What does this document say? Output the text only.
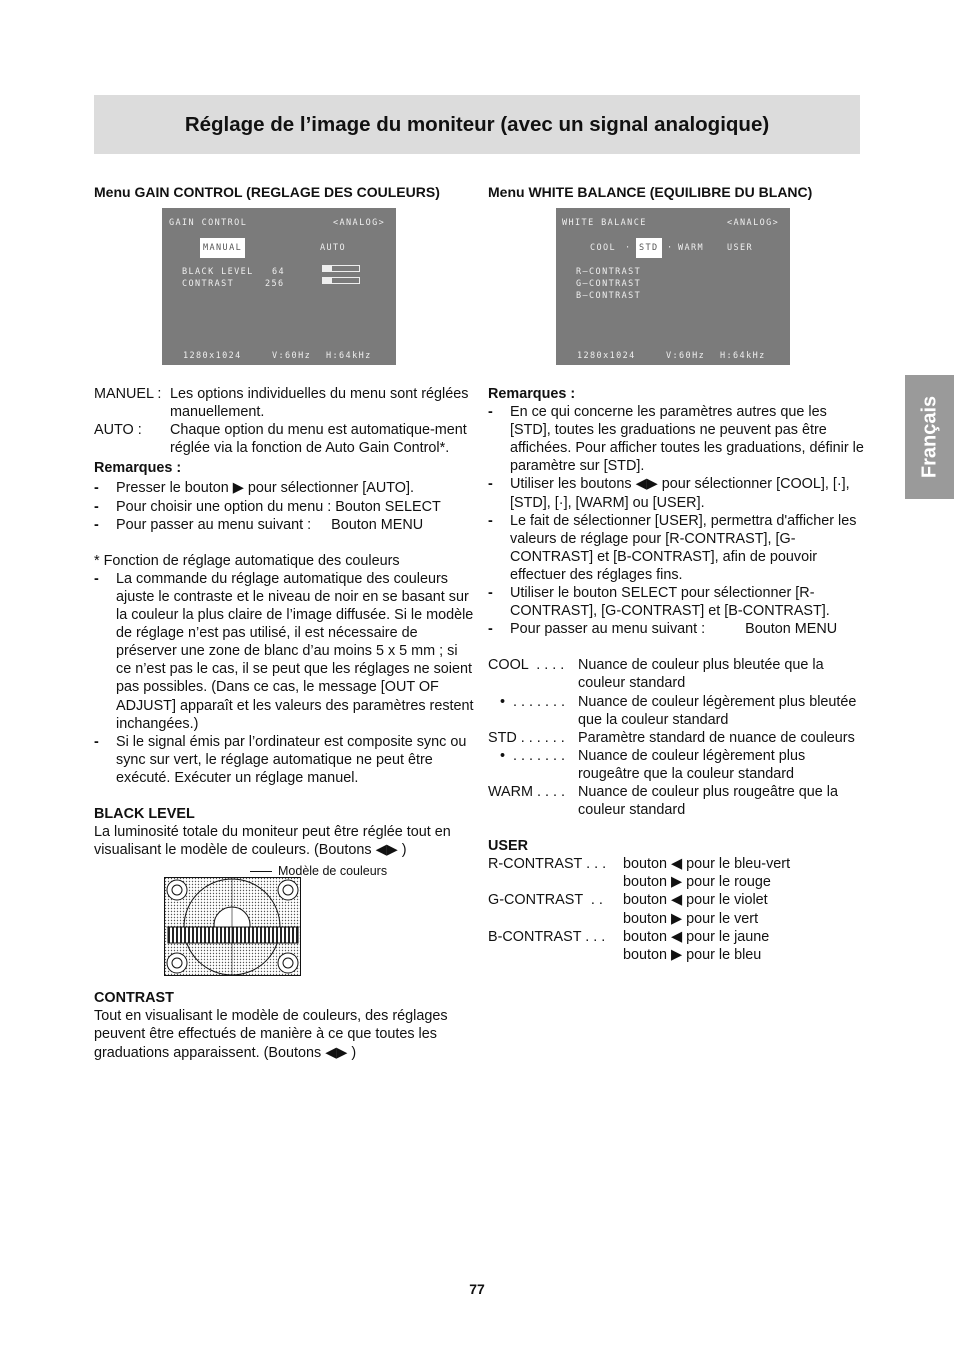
Réglage de l’image du moniteur (avec un signal analogique)
Français

Menu GAIN CONTROL (REGLAGE DES COULEURS)

GAIN CONTROL	<ANALOG>
MANUAL	AUTO
BLACK LEVEL 64
CONTRAST	256
1280x1024	V:60Hz H:64kHz
MANUEL : Les options individuelles du menu sont réglées manuellement.
AUTO :	Chaque option du menu est automatique-ment réglée via la fonction de Auto Gain Control*.
Remarques :
-	Presser le bouton ▶ pour sélectionner [AUTO].
-	Pour choisir une option du menu : Bouton SELECT
-	Pour passer au menu suivant :     Bouton MENU
* Fonction de réglage automatique des couleurs
-	La commande du réglage automatique des couleurs ajuste le contraste et le niveau de noir en se basant sur la couleur la plus claire de l’image diffusée. Si le modèle de réglage n’est pas utilisé, il est nécessaire de préserver une zone de blanc d’au moins 5 x 5 mm ; si ce n’est pas le cas, il se peut que les réglages ne soient pas possibles. (Dans ce cas, le message [OUT OF ADJUST] apparaît et les valeurs des paramètres restent inchangées.)
-	Si le signal émis par l’ordinateur est composite sync ou sync sur vert, le réglage automatique ne peut être exécuté. Exécuter un réglage manuel.
BLACK LEVEL
La luminosité totale du moniteur peut être réglée tout en visualisant le modèle de couleurs. (Boutons ◀▶ )
Modèle de couleurs
CONTRAST
Tout en visualisant le modèle de couleurs, des réglages peuvent être effectués de manière à ce que toutes les graduations apparaissent. (Boutons ◀▶ )

Menu WHITE BALANCE (EQUILIBRE DU BLANC)

WHITE BALANCE	<ANALOG>
COOL · STD · WARM	USER
R—CONTRAST
G—CONTRAST
B—CONTRAST
1280x1024	V:60Hz H:64kHz
Remarques :
-	En ce qui concerne les paramètres autres que les [STD], toutes les graduations ne peuvent pas être affichées. Pour afficher toutes les graduations, définir le paramètre sur [STD].
-	Utiliser les boutons ◀▶ pour sélectionner [COOL], [·], [STD], [·], [WARM] ou [USER].
-	Le fait de sélectionner [USER], permettra d'afficher les valeurs de réglage pour [R-CONTRAST], [G-CONTRAST] et [B-CONTRAST], afin de pouvoir effectuer des réglages fins.
-	Utiliser le bouton SELECT pour sélectionner [R-CONTRAST], [G-CONTRAST] et [B-CONTRAST].
-	Pour passer au menu suivant :          Bouton MENU
COOL  . . . . Nuance de couleur plus bleutée que la couleur standard
•  . . . . . . . Nuance de couleur légèrement plus bleutée que la couleur standard
STD . . . . . . Paramètre standard de nuance de couleurs
•  . . . . . . . Nuance de couleur légèrement plus rougeâtre que la couleur standard
WARM . . . . Nuance de couleur plus rougeâtre que la couleur standard
USER
R-CONTRAST . . .	bouton ◀ pour le bleu-vert
bouton ▶ pour le rouge
G-CONTRAST  . .	bouton ◀ pour le violet
bouton ▶ pour le vert
B-CONTRAST . . .	bouton ◀ pour le jaune
bouton ▶ pour le bleu
77
